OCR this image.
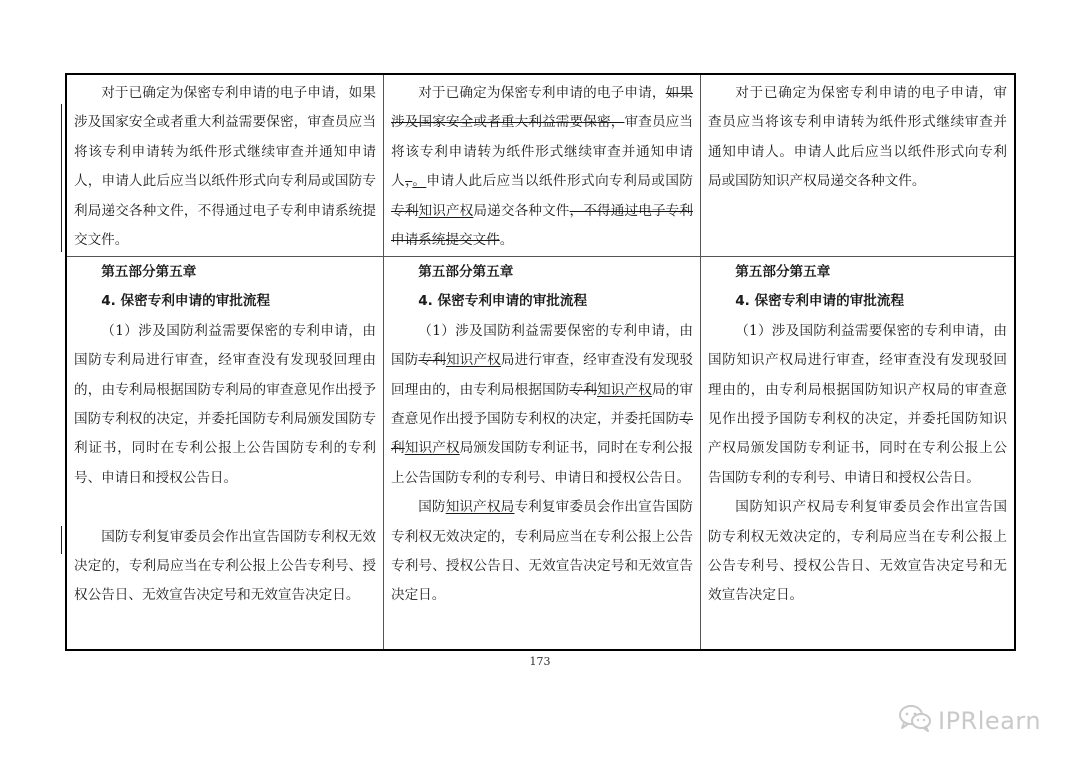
对于已确定为保密专利申请的电子申请，如果涉及国家安全或者重大利益需要保密，审查员应当将该专利申请转为纸件形式继续审查并通知申请人，申请人此后应当以纸件形式向专利局或国防专利局递交各种文件，不得通过电子专利申请系统提交文件。
对于已确定为保密专利申请的电子申请，如果涉及国家安全或者重大利益需要保密，审查员应当将该专利申请转为纸件形式继续审查并通知申请人，。申请人此后应当以纸件形式向专利局或国防专利知识产权局递交各种文件，不得通过电子专利申请系统提交文件。
对于已确定为保密专利申请的电子申请，审查员应当将该专利申请转为纸件形式继续审查并通知申请人。申请人此后应当以纸件形式向专利局或国防知识产权局递交各种文件。
第五部分第五章
4. 保密专利申请的审批流程
（1）涉及国防利益需要保密的专利申请，由国防专利局进行审查，经审查没有发现驳回理由的，由专利局根据国防专利局的审查意见作出授予国防专利权的决定，并委托国防专利局颁发国防专利证书，同时在专利公报上公告国防专利的专利号、申请日和授权公告日。
国防专利复审委员会作出宣告国防专利权无效决定的，专利局应当在专利公报上公告专利号、授权公告日、无效宣告决定号和无效宣告决定日。
第五部分第五章
4. 保密专利申请的审批流程
（1）涉及国防利益需要保密的专利申请，由国防专利知识产权局进行审查，经审查没有发现驳回理由的，由专利局根据国防专利知识产权局的审查意见作出授予国防专利权的决定，并委托国防专利知识产权局颁发国防专利证书，同时在专利公报上公告国防专利的专利号、申请日和授权公告日。
国防知识产权局专利复审委员会作出宣告国防专利权无效决定的，专利局应当在专利公报上公告专利号、授权公告日、无效宣告决定号和无效宣告决定日。
第五部分第五章
4. 保密专利申请的审批流程
（1）涉及国防利益需要保密的专利申请，由国防知识产权局进行审查，经审查没有发现驳回理由的，由专利局根据国防知识产权局的审查意见作出授予国防专利权的决定，并委托国防知识产权局颁发国防专利证书，同时在专利公报上公告国防专利的专利号、申请日和授权公告日。
国防知识产权局专利复审委员会作出宣告国防专利权无效决定的，专利局应当在专利公报上公告专利号、授权公告日、无效宣告决定号和无效宣告决定日。
173
IPRlearn
